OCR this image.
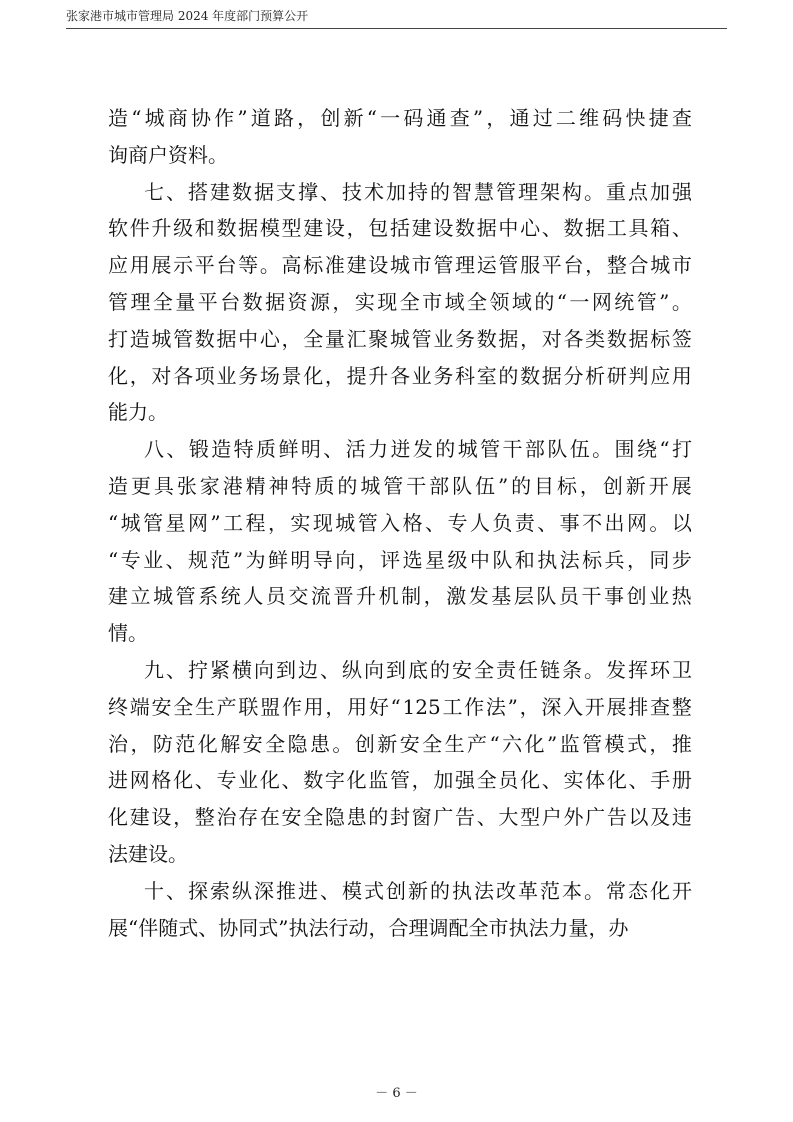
张家港市城市管理局 2024 年度部门预算公开
造 “ 城 商 协 作 ” 道 路 ， 创 新 “ 一 码 通 查 ” ， 通 过 二 维 码 快 捷 查
询商户资料。
七 、 搭 建 数 据 支 撑 、 技 术 加 持 的 智 慧 管 理 架 构 。 重 点 加 强
软 件 升 级 和 数 据 模 型 建 设 ， 包 括 建 设 数 据 中 心 、 数 据 工 具 箱 、
应 用 展 示 平 台 等 。 高 标 准 建 设 城 市 管 理 运 管 服 平 台 ， 整 合 城 市
管 理 全 量 平 台 数 据 资 源 ， 实 现 全 市 域 全 领 域 的 “ 一 网 统 管 ” 。
打 造 城 管 数 据 中 心 ， 全 量 汇 聚 城 管 业 务 数 据 ， 对 各 类 数 据 标 签
化 ， 对 各 项 业 务 场 景 化 ， 提 升 各 业 务 科 室 的 数 据 分 析 研 判 应 用
能力。
八 、 锻 造 特 质 鲜 明 、 活 力 迸 发 的 城 管 干 部 队 伍 。 围 绕 “ 打
造 更 具 张 家 港 精 神 特 质 的 城 管 干 部 队 伍 ” 的 目 标 ， 创 新 开 展
“ 城 管 星 网 ” 工 程 ， 实 现 城 管 入 格 、 专 人 负 责 、 事 不 出 网 。 以
“ 专 业 、 规 范 ” 为 鲜 明 导 向 ， 评 选 星 级 中 队 和 执 法 标 兵 ， 同 步
建 立 城 管 系 统 人 员 交 流 晋 升 机 制 ， 激 发 基 层 队 员 干 事 创 业 热
情。
九 、 拧 紧 横 向 到 边 、 纵 向 到 底 的 安 全 责 任 链 条 。 发 挥 环 卫
终 端 安 全 生 产 联 盟 作 用 ， 用 好 “ 125 工 作 法 ” ， 深 入 开 展 排 查 整
治 ， 防 范 化 解 安 全 隐 患 。 创 新 安 全 生 产 “ 六 化 ” 监 管 模 式 ， 推
进 网 格 化 、 专 业 化 、 数 字 化 监 管 ， 加 强 全 员 化 、 实 体 化 、 手 册
化 建 设 ， 整 治 存 在 安 全 隐 患 的 封 窗 广 告 、 大 型 户 外 广 告 以 及 违
法建设。
十 、 探 索 纵 深 推 进 、 模 式 创 新 的 执 法 改 革 范 本 。 常 态 化 开
展“伴随式、协同式”执法行动，合理调配全市执法力量，办
－ 6 －
